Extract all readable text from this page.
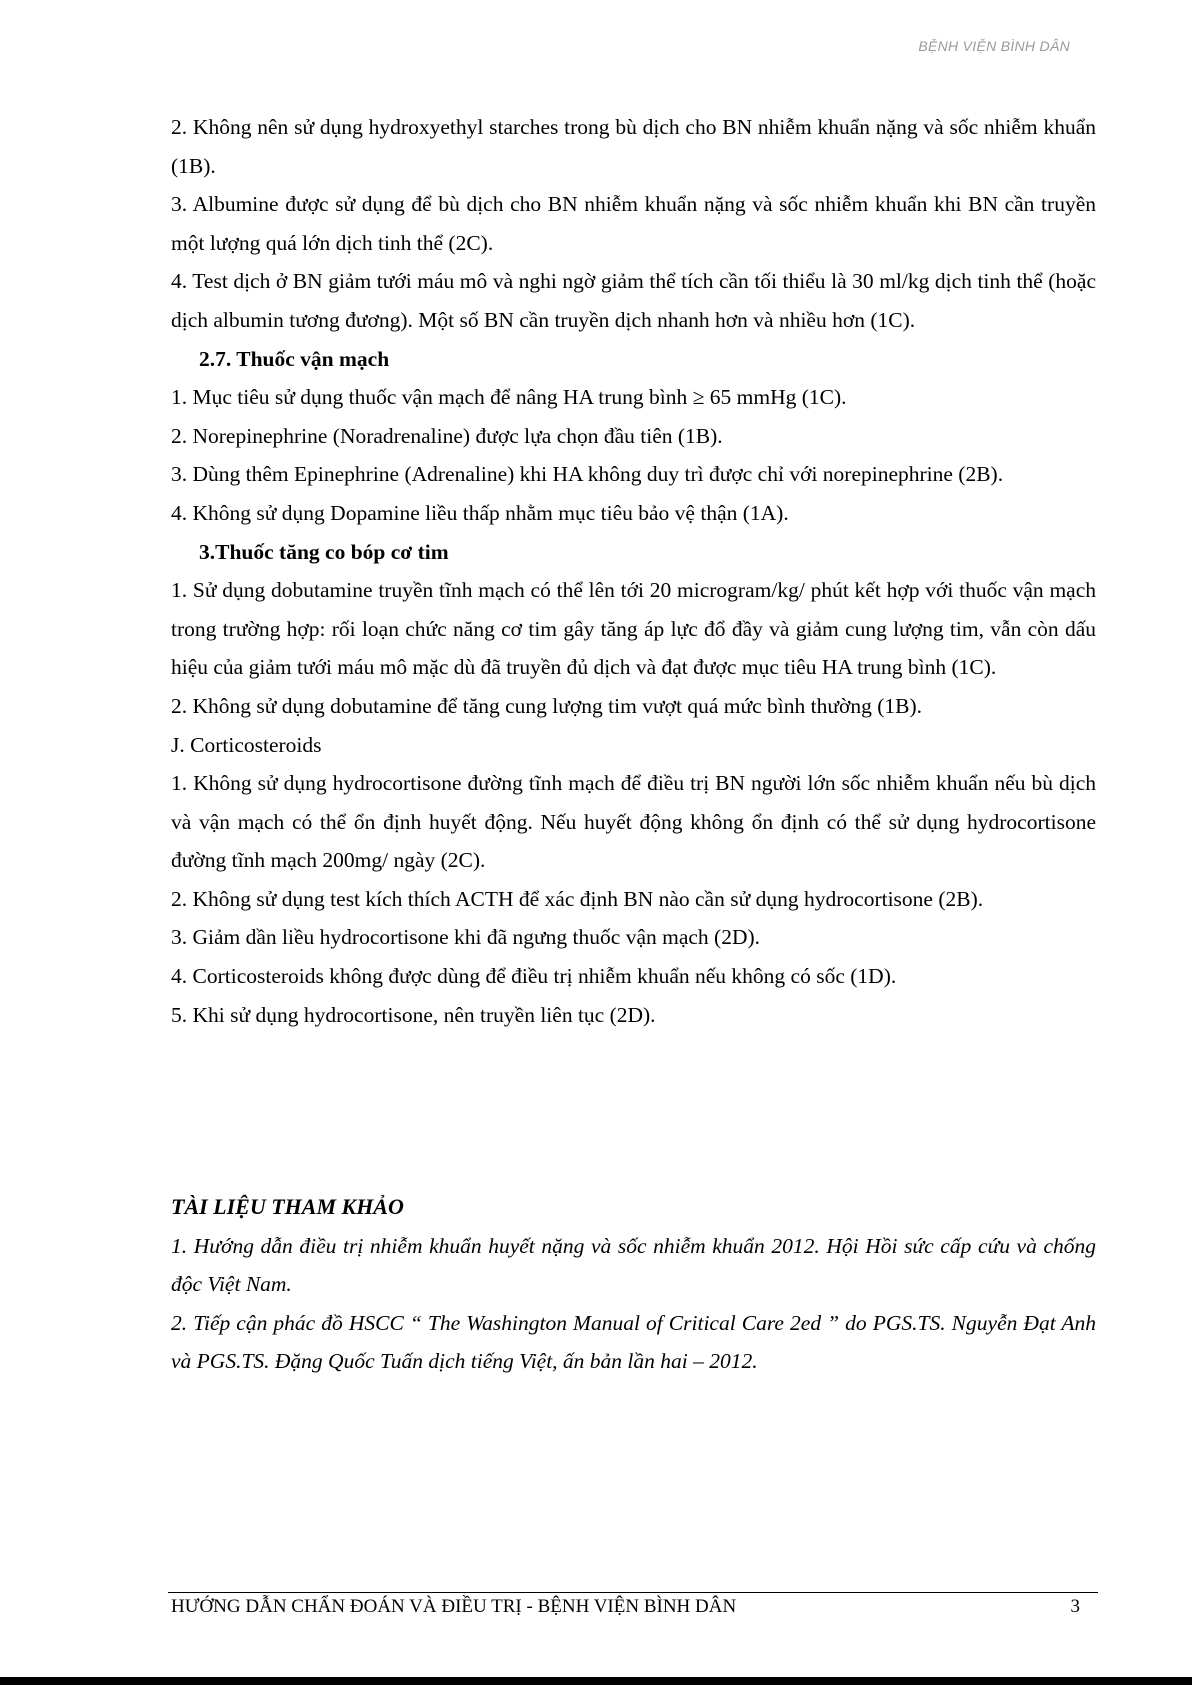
BỆNH VIỆN BÌNH DÂN

2. Không nên sử dụng hydroxyethyl starches trong bù dịch cho BN nhiễm khuẩn nặng và sốc nhiễm khuẩn (1B).

3. Albumine được sử dụng để bù dịch cho BN nhiễm khuẩn nặng và sốc nhiễm khuẩn khi BN cần truyền một lượng quá lớn dịch tinh thể (2C).

4. Test dịch ở BN giảm tưới máu mô và nghi ngờ giảm thể tích cần tối thiểu là 30 ml/kg dịch tinh thể (hoặc dịch albumin tương đương). Một số BN cần truyền dịch nhanh hơn và nhiều hơn (1C).

2.7. Thuốc vận mạch

1. Mục tiêu sử dụng thuốc vận mạch để nâng HA trung bình ≥ 65 mmHg (1C).

2. Norepinephrine (Noradrenaline) được lựa chọn đầu tiên (1B).

3. Dùng thêm Epinephrine (Adrenaline) khi HA không duy trì được chỉ với norepinephrine (2B).

4. Không sử dụng Dopamine liều thấp nhằm mục tiêu bảo vệ thận (1A).

3.Thuốc tăng co bóp cơ tim

1. Sử dụng dobutamine truyền tĩnh mạch có thể lên tới 20 microgram/kg/ phút kết hợp với thuốc vận mạch trong trường hợp: rối loạn chức năng cơ tim gây tăng áp lực đổ đầy và giảm cung lượng tim, vẫn còn dấu hiệu của giảm tưới máu mô mặc dù đã truyền đủ dịch và đạt được mục tiêu HA trung bình (1C).

2. Không sử dụng dobutamine để tăng cung lượng tim vượt quá mức bình thường (1B).

J. Corticosteroids

1. Không sử dụng hydrocortisone đường tĩnh mạch để điều trị BN người lớn sốc nhiễm khuẩn nếu bù dịch và vận mạch có thể ổn định huyết động. Nếu huyết động không ổn định có thể sử dụng hydrocortisone đường tĩnh mạch 200mg/ ngày (2C).

2. Không sử dụng test kích thích ACTH để xác định BN nào cần sử dụng hydrocortisone (2B).

3. Giảm dần liều hydrocortisone khi đã ngưng thuốc vận mạch (2D).

4. Corticosteroids không được dùng để điều trị nhiễm khuẩn nếu không có sốc (1D).

5. Khi sử dụng hydrocortisone, nên truyền liên tục (2D).

TÀI LIỆU THAM KHẢO

1. Hướng dẫn điều trị nhiễm khuẩn huyết nặng và sốc nhiễm khuẩn 2012. Hội Hồi sức cấp cứu và chống độc Việt Nam.

2. Tiếp cận phác đồ HSCC “ The Washington Manual of Critical Care 2ed ” do PGS.TS. Nguyễn Đạt Anh và PGS.TS. Đặng Quốc Tuấn dịch tiếng Việt, ấn bản lần hai – 2012.

HƯỚNG DẪN CHẨN ĐOÁN VÀ ĐIỀU TRỊ - BỆNH VIỆN BÌNH DÂN	3
